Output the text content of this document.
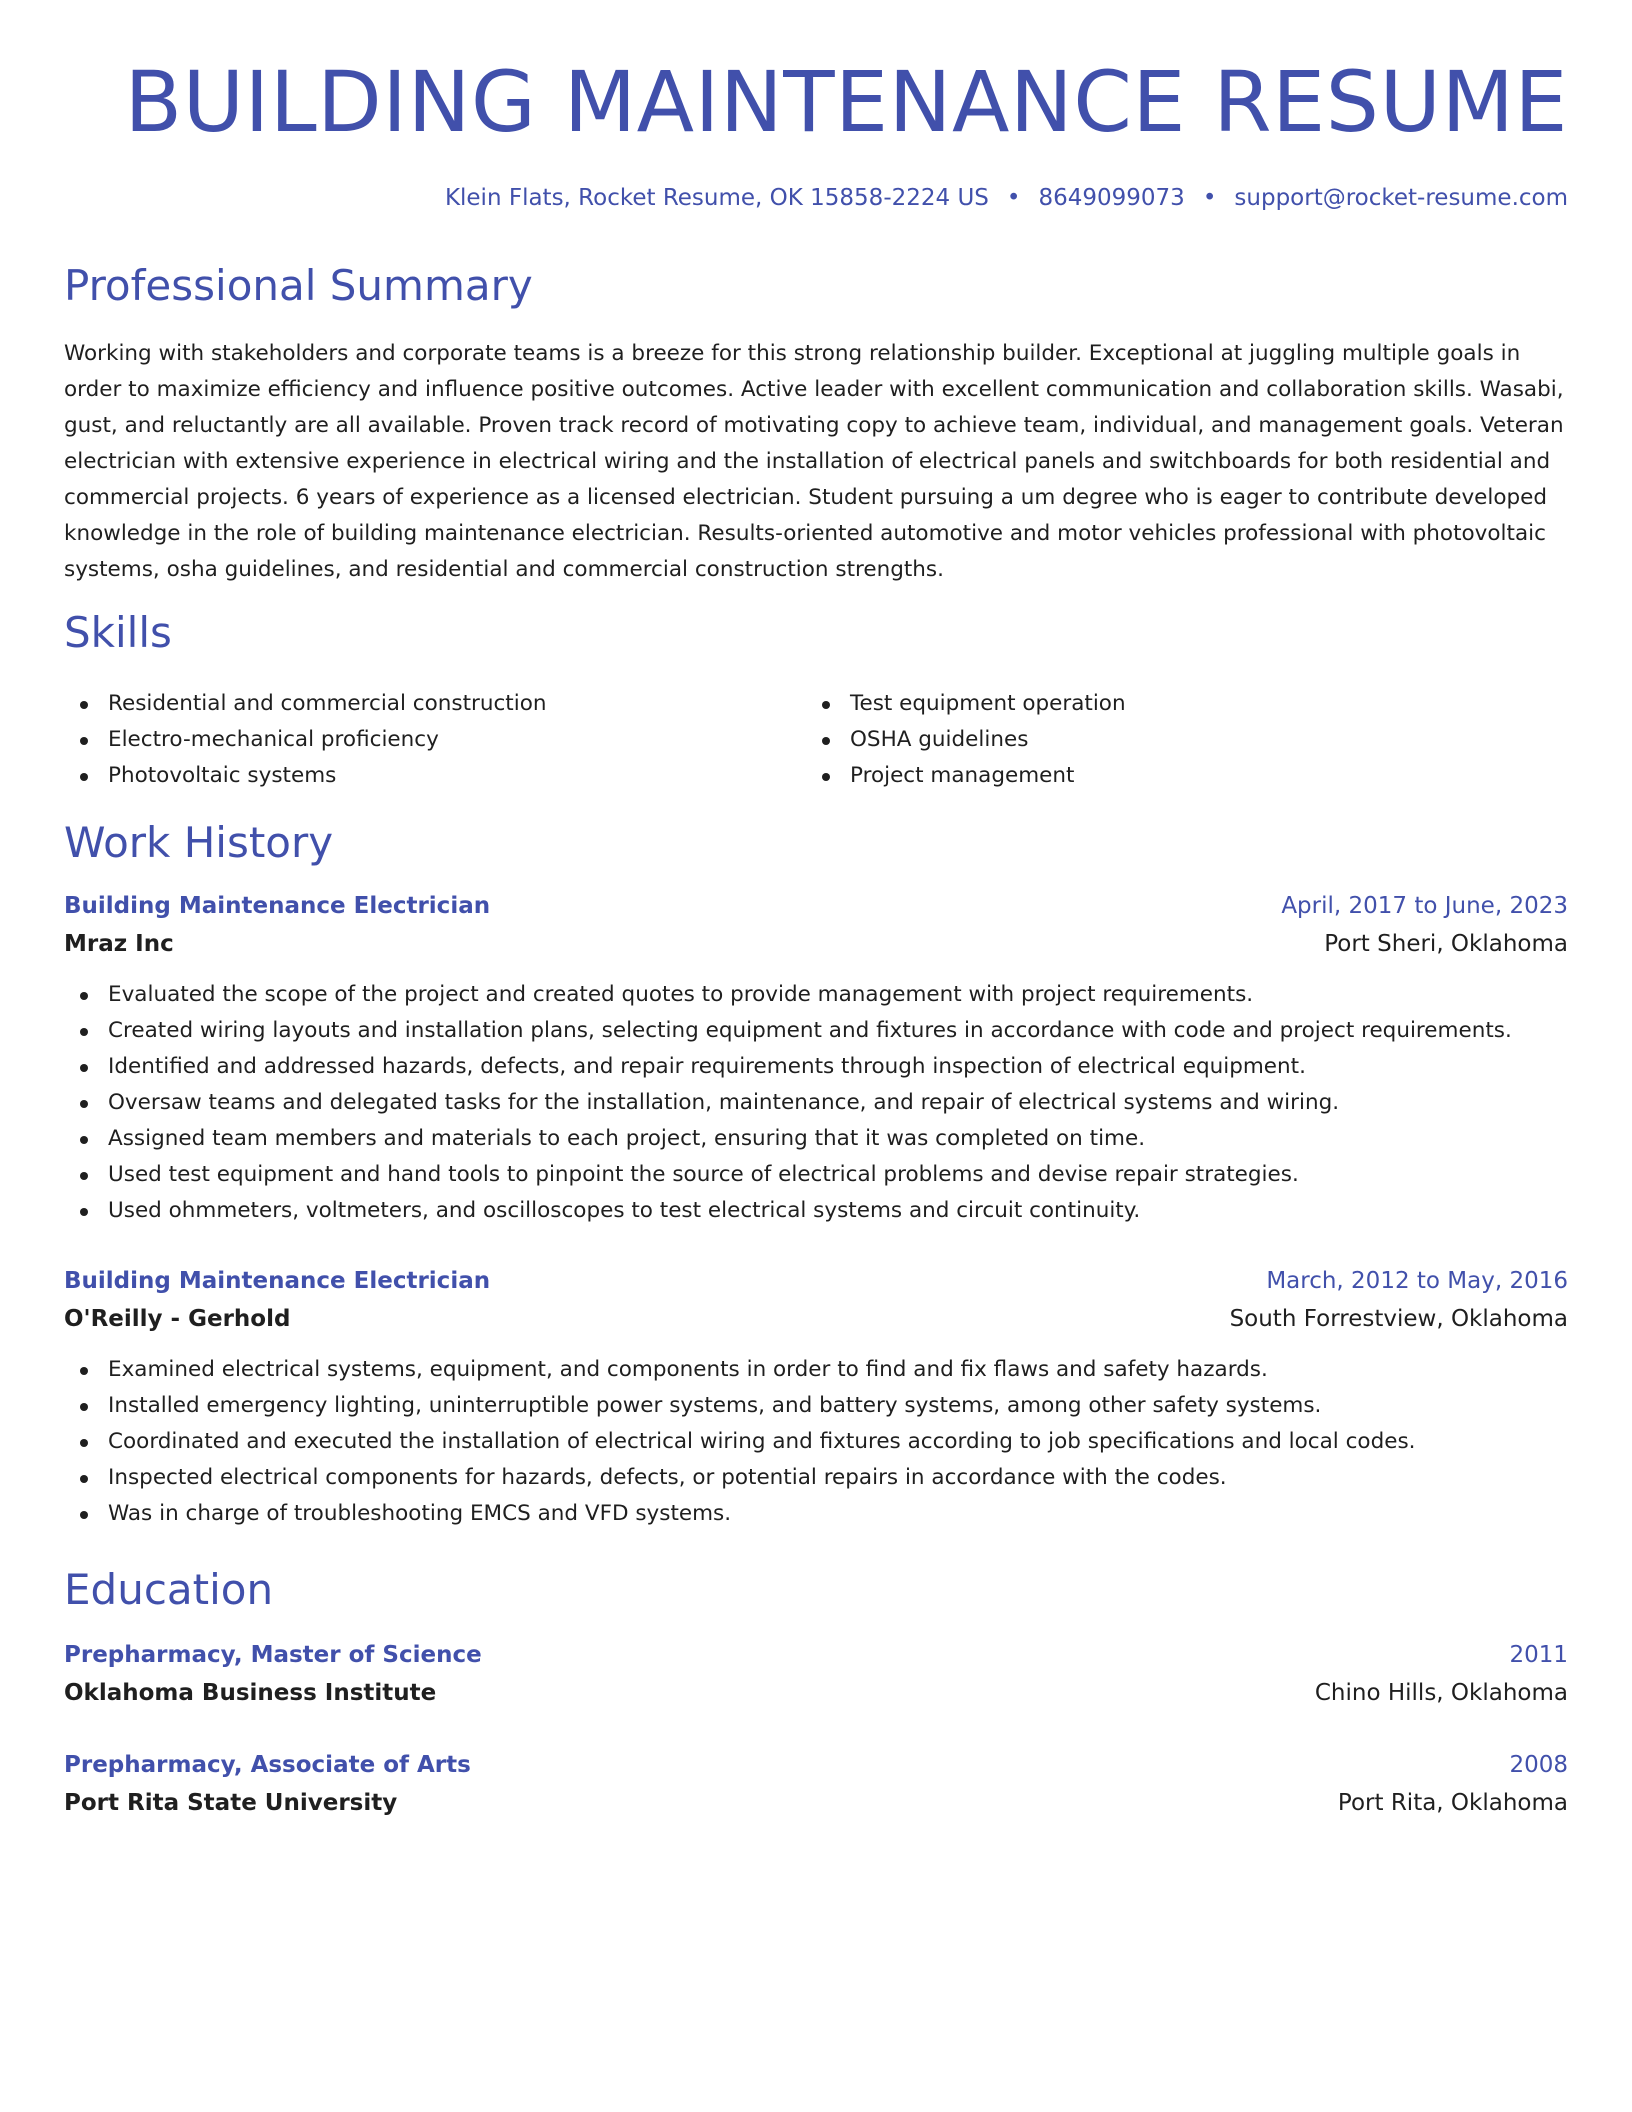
BUILDING MAINTENANCE RESUME
Klein Flats, Rocket Resume, OK 15858-2224 US • 8649099073 • support@rocket-resume.com
Professional Summary

Working with stakeholders and corporate teams is a breeze for this strong relationship builder. Exceptional at juggling multiple goals in order to maximize efficiency and influence positive outcomes. Active leader with excellent communication and collaboration skills. Wasabi, gust, and reluctantly are all available. Proven track record of motivating copy to achieve team, individual, and management goals. Veteran electrician with extensive experience in electrical wiring and the installation of electrical panels and switchboards for both residential and commercial projects. 6 years of experience as a licensed electrician. Student pursuing a um degree who is eager to contribute developed knowledge in the role of building maintenance electrician. Results-oriented automotive and motor vehicles professional with photovoltaic systems, osha guidelines, and residential and commercial construction strengths.

Skills
Residential and commercial construction
Electro-mechanical proficiency
Photovoltaic systems
Test equipment operation
OSHA guidelines
Project management
Work History
Building Maintenance Electrician	April, 2017 to June, 2023
Mraz Inc	Port Sheri, Oklahoma
Evaluated the scope of the project and created quotes to provide management with project requirements.
Created wiring layouts and installation plans, selecting equipment and fixtures in accordance with code and project requirements.
Identified and addressed hazards, defects, and repair requirements through inspection of electrical equipment.
Oversaw teams and delegated tasks for the installation, maintenance, and repair of electrical systems and wiring.
Assigned team members and materials to each project, ensuring that it was completed on time.
Used test equipment and hand tools to pinpoint the source of electrical problems and devise repair strategies.
Used ohmmeters, voltmeters, and oscilloscopes to test electrical systems and circuit continuity.
Building Maintenance Electrician	March, 2012 to May, 2016
O'Reilly - Gerhold	South Forrestview, Oklahoma
Examined electrical systems, equipment, and components in order to find and fix flaws and safety hazards.
Installed emergency lighting, uninterruptible power systems, and battery systems, among other safety systems.
Coordinated and executed the installation of electrical wiring and fixtures according to job specifications and local codes.
Inspected electrical components for hazards, defects, or potential repairs in accordance with the codes.
Was in charge of troubleshooting EMCS and VFD systems.
Education
Prepharmacy, Master of Science	2011
Oklahoma Business Institute	Chino Hills, Oklahoma
Prepharmacy, Associate of Arts	2008
Port Rita State University	Port Rita, Oklahoma
